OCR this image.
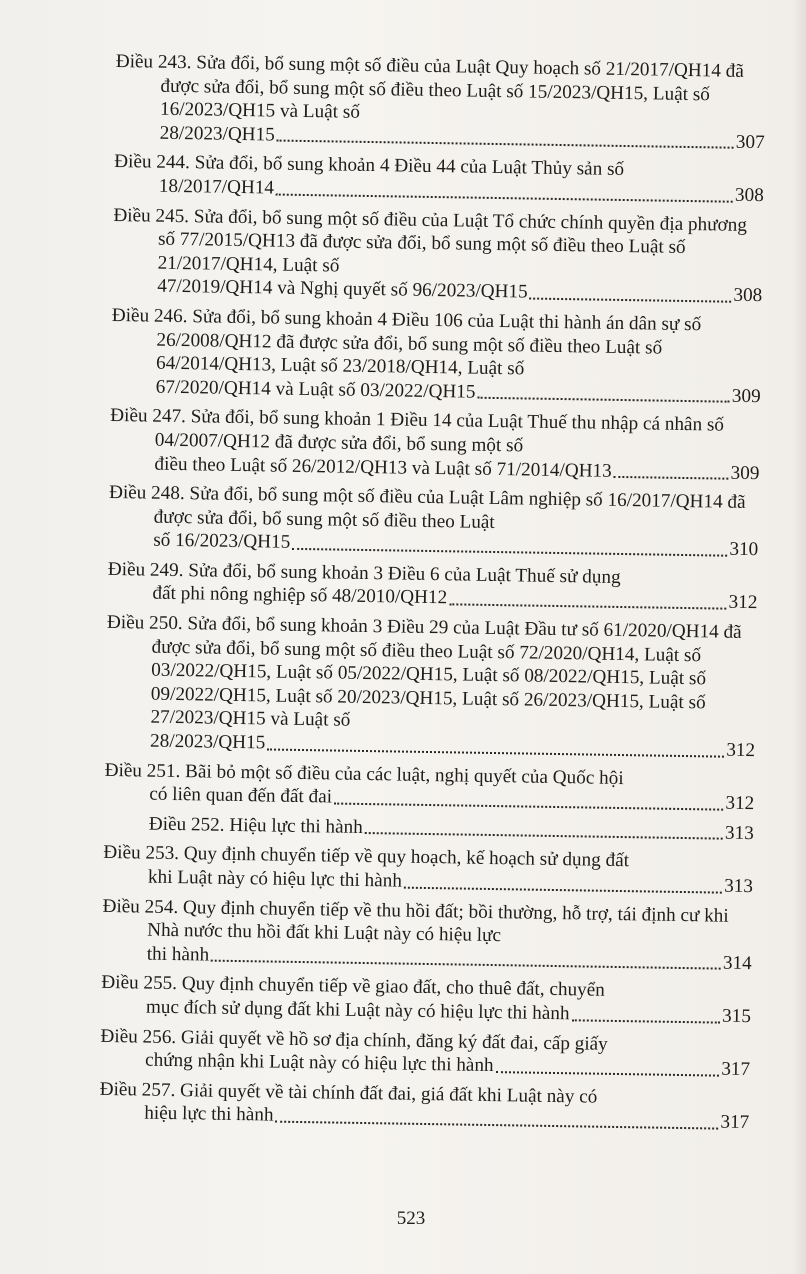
Điều 243. Sửa đổi, bổ sung một số điều của Luật Quy hoạch số 21/2017/QH14 đã được sửa đổi, bổ sung một số điều theo Luật số 15/2023/QH15, Luật số 16/2023/QH15 và Luật số
28/2023/QH15	307
Điều 244. Sửa đổi, bổ sung khoản 4 Điều 44 của Luật Thủy sản số
18/2017/QH14	308
Điều 245. Sửa đổi, bổ sung một số điều của Luật Tổ chức chính quyền địa phương số 77/2015/QH13 đã được sửa đổi, bổ sung một số điều theo Luật số 21/2017/QH14, Luật số
47/2019/QH14 và Nghị quyết số 96/2023/QH15	308
Điều 246. Sửa đổi, bổ sung khoản 4 Điều 106 của Luật thi hành án dân sự số 26/2008/QH12 đã được sửa đổi, bổ sung một số điều theo Luật số 64/2014/QH13, Luật số 23/2018/QH14, Luật số
67/2020/QH14 và Luật số 03/2022/QH15	309
Điều 247. Sửa đổi, bổ sung khoản 1 Điều 14 của Luật Thuế thu nhập cá nhân số 04/2007/QH12 đã được sửa đổi, bổ sung một số
điều theo Luật số 26/2012/QH13 và Luật số 71/2014/QH13	309
Điều 248. Sửa đổi, bổ sung một số điều của Luật Lâm nghiệp số 16/2017/QH14 đã được sửa đổi, bổ sung một số điều theo Luật
số 16/2023/QH15	310
Điều 249. Sửa đổi, bổ sung khoản 3 Điều 6 của Luật Thuế sử dụng
đất phi nông nghiệp số 48/2010/QH12	312
Điều 250. Sửa đổi, bổ sung khoản 3 Điều 29 của Luật Đầu tư số 61/2020/QH14 đã được sửa đổi, bổ sung một số điều theo Luật số 72/2020/QH14, Luật số 03/2022/QH15, Luật số 05/2022/QH15, Luật số 08/2022/QH15, Luật số 09/2022/QH15, Luật số 20/2023/QH15, Luật số 26/2023/QH15, Luật số 27/2023/QH15 và Luật số
28/2023/QH15	312
Điều 251. Bãi bỏ một số điều của các luật, nghị quyết của Quốc hội
có liên quan đến đất đai	312
Điều 252. Hiệu lực thi hành	313
Điều 253. Quy định chuyển tiếp về quy hoạch, kế hoạch sử dụng đất
khi Luật này có hiệu lực thi hành	313
Điều 254. Quy định chuyển tiếp về thu hồi đất; bồi thường, hỗ trợ, tái định cư khi Nhà nước thu hồi đất khi Luật này có hiệu lực
thi hành	314
Điều 255. Quy định chuyển tiếp về giao đất, cho thuê đất, chuyển
mục đích sử dụng đất khi Luật này có hiệu lực thi hành	315
Điều 256. Giải quyết về hồ sơ địa chính, đăng ký đất đai, cấp giấy
chứng nhận khi Luật này có hiệu lực thi hành	317
Điều 257. Giải quyết về tài chính đất đai, giá đất khi Luật này có
hiệu lực thi hành	317
523
